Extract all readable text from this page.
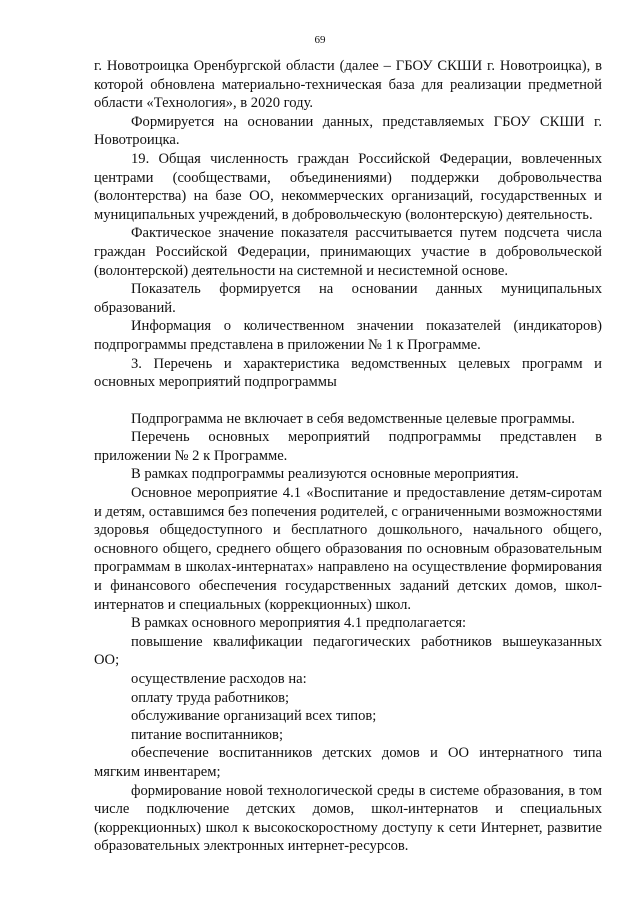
69

г. Новотроицка Оренбургской области (далее – ГБОУ СКШИ г. Новотроицка), в которой обновлена материально-техническая база для реализации предметной области «Технология», в 2020 году.

Формируется на основании данных, представляемых ГБОУ СКШИ г. Новотроицка.

19. Общая численность граждан Российской Федерации, вовлеченных центрами (сообществами, объединениями) поддержки добровольчества (волонтерства) на базе ОО, некоммерческих организаций, государственных и муниципальных учреждений, в добровольческую (волонтерскую) деятельность.

Фактическое значение показателя рассчитывается путем подсчета числа граждан Российской Федерации, принимающих участие в добровольческой (волонтерской) деятельности на системной и несистемной основе.

Показатель формируется на основании данных муниципальных образований.

Информация о количественном значении показателей (индикаторов) подпрограммы представлена в приложении № 1 к Программе.

3. Перечень и характеристика ведомственных целевых программ и основных мероприятий подпрограммы

Подпрограмма не включает в себя ведомственные целевые программы.

Перечень основных мероприятий подпрограммы представлен в приложении № 2 к Программе.

В рамках подпрограммы реализуются основные мероприятия.

Основное мероприятие 4.1 «Воспитание и предоставление детям-сиротам и детям, оставшимся без попечения родителей, с ограниченными возможностями здоровья общедоступного и бесплатного дошкольного, начального общего, основного общего, среднего общего образования по основным образовательным программам в школах-интернатах» направлено на осуществление формирования и финансового обеспечения государственных заданий детских домов, школ-интернатов и специальных (коррекционных) школ.

В рамках основного мероприятия 4.1 предполагается:

повышение квалификации педагогических работников вышеуказанных ОО;

осуществление расходов на:

оплату труда работников;

обслуживание организаций всех типов;

питание воспитанников;

обеспечение воспитанников детских домов и ОО интернатного типа мягким инвентарем;

формирование новой технологической среды в системе образования, в том числе подключение детских домов, школ-интернатов и специальных (коррекционных) школ к высокоскоростному доступу к сети Интернет, развитие образовательных электронных интернет-ресурсов.
